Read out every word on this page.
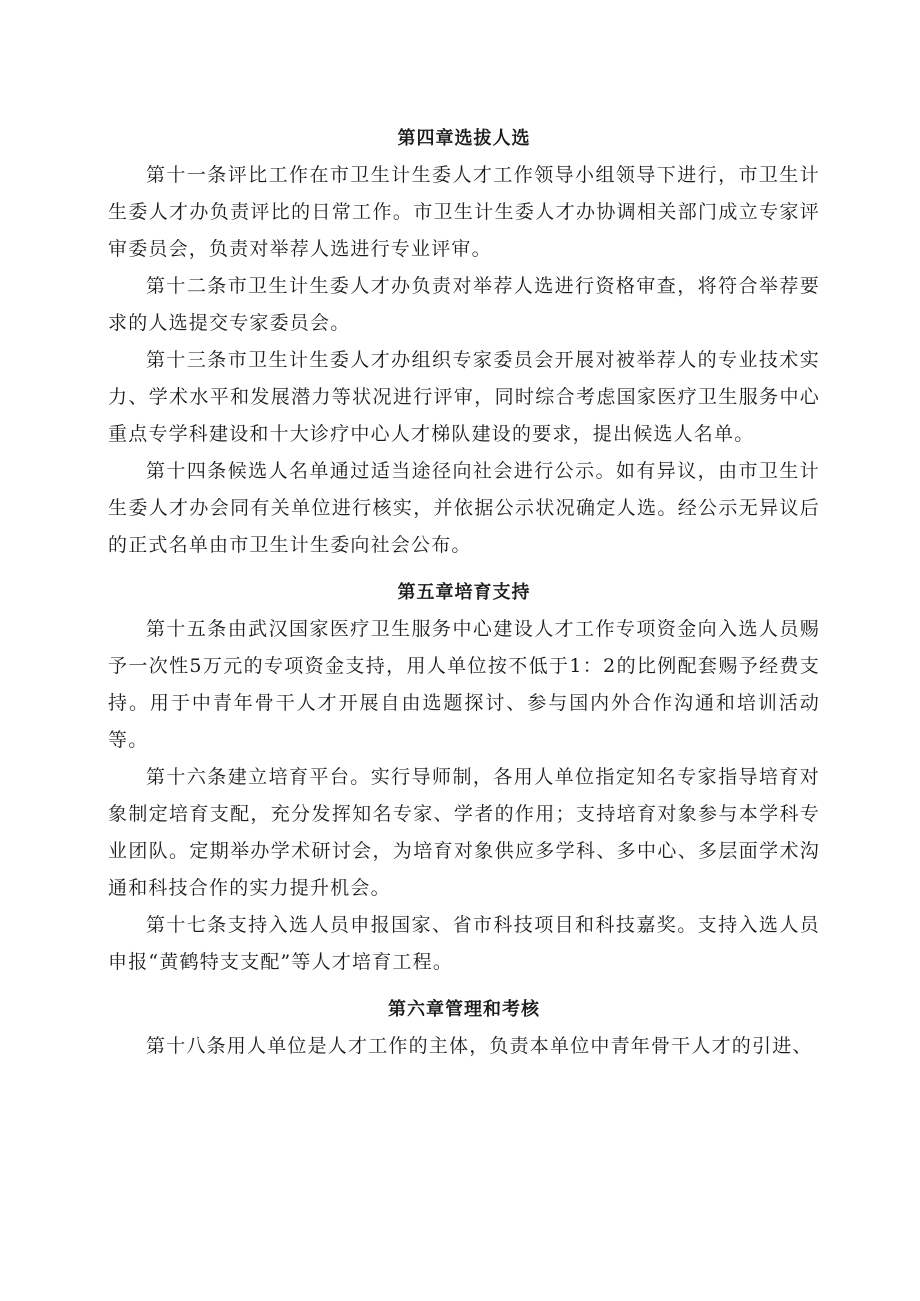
第四章选拔人选

第十一条评比工作在市卫生计生委人才工作领导小组领导下进行，市卫生计生委人才办负责评比的日常工作。市卫生计生委人才办协调相关部门成立专家评审委员会，负责对举荐人选进行专业评审。

第十二条市卫生计生委人才办负责对举荐人选进行资格审查，将符合举荐要求的人选提交专家委员会。

第十三条市卫生计生委人才办组织专家委员会开展对被举荐人的专业技术实力、学术水平和发展潜力等状况进行评审，同时综合考虑国家医疗卫生服务中心重点专学科建设和十大诊疗中心人才梯队建设的要求，提出候选人名单。

第十四条候选人名单通过适当途径向社会进行公示。如有异议，由市卫生计生委人才办会同有关单位进行核实，并依据公示状况确定人选。经公示无异议后的正式名单由市卫生计生委向社会公布。

第五章培育支持

第十五条由武汉国家医疗卫生服务中心建设人才工作专项资金向入选人员赐予一次性5万元的专项资金支持，用人单位按不低于1：2的比例配套赐予经费支持。用于中青年骨干人才开展自由选题探讨、参与国内外合作沟通和培训活动等。

第十六条建立培育平台。实行导师制，各用人单位指定知名专家指导培育对象制定培育支配，充分发挥知名专家、学者的作用；支持培育对象参与本学科专业团队。定期举办学术研讨会，为培育对象供应多学科、多中心、多层面学术沟通和科技合作的实力提升机会。

第十七条支持入选人员申报国家、省市科技项目和科技嘉奖。支持入选人员申报“黄鹤特支支配”等人才培育工程。

第六章管理和考核

第十八条用人单位是人才工作的主体，负责本单位中青年骨干人才的引进、
